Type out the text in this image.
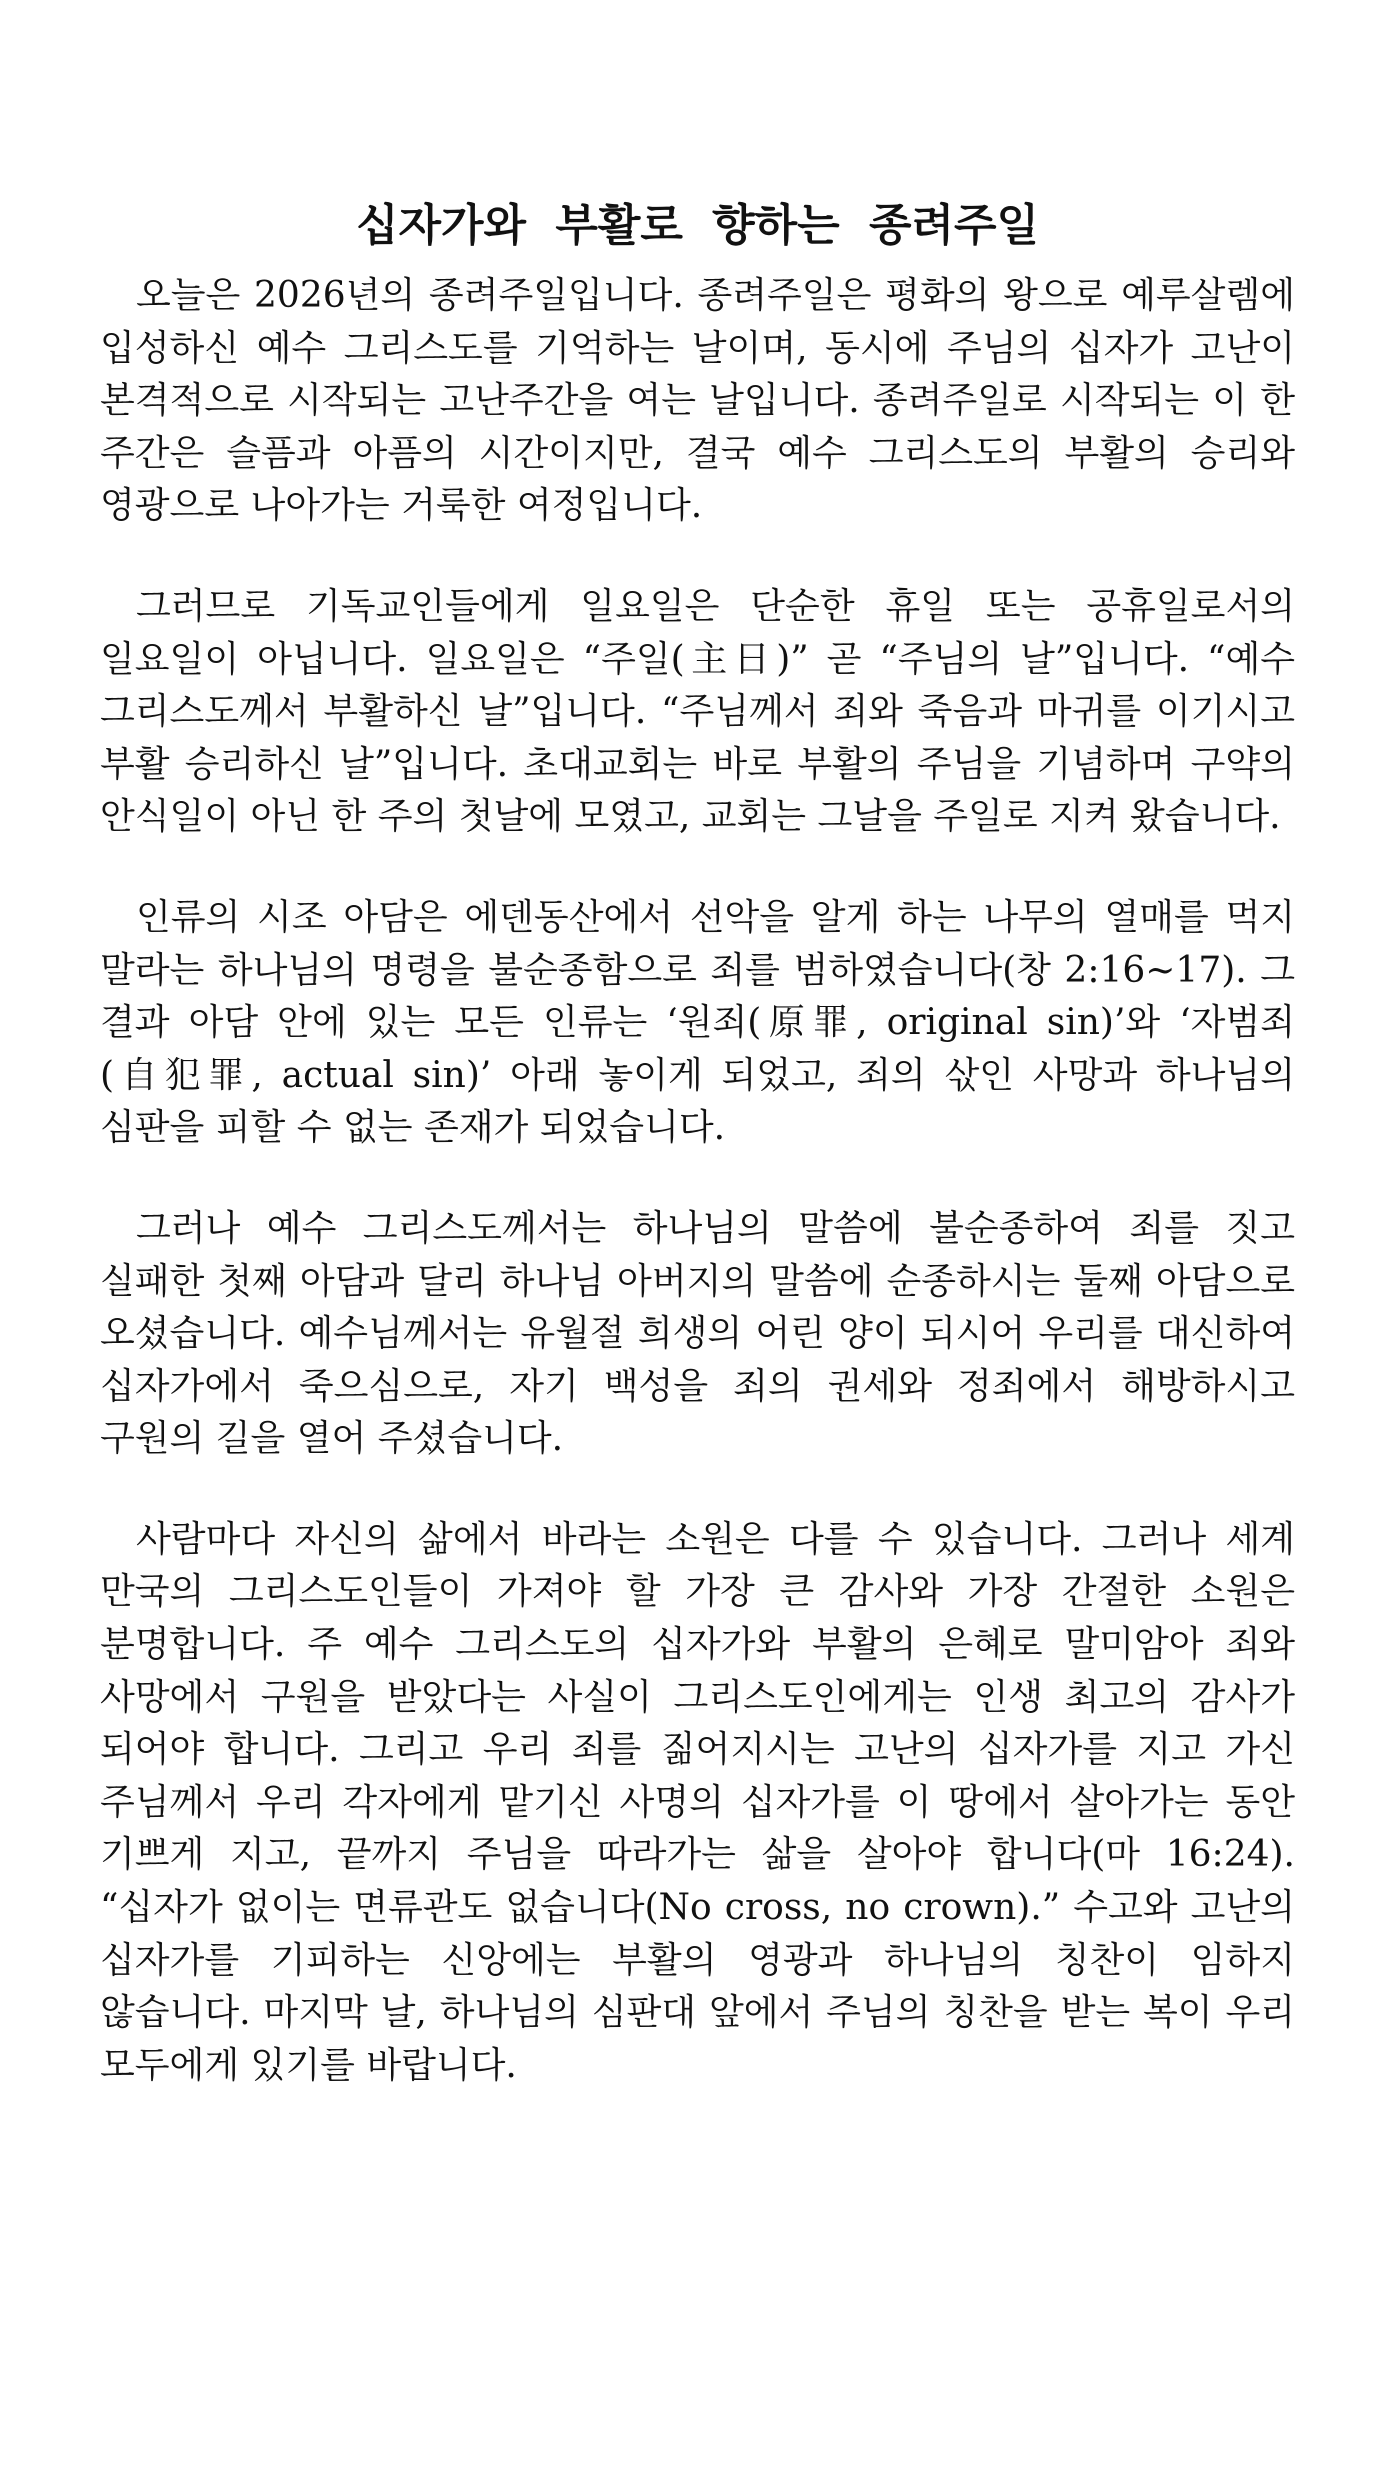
십자가와 부활로 향하는 종려주일

오늘은 2026년의 종려주일입니다. 종려주일은 평화의 왕으로 예루살렘에 입성하신 예수 그리스도를 기억하는 날이며, 동시에 주님의 십자가 고난이 본격적으로 시작되는 고난주간을 여는 날입니다. 종려주일로 시작되는 이 한 주간은 슬픔과 아픔의 시간이지만, 결국 예수 그리스도의 부활의 승리와 영광으로 나아가는 거룩한 여정입니다.

그러므로 기독교인들에게 일요일은 단순한 휴일 또는 공휴일로서의 일요일이 아닙니다. 일요일은 “주일(主日)” 곧 “주님의 날”입니다. “예수 그리스도께서 부활하신 날”입니다. “주님께서 죄와 죽음과 마귀를 이기시고 부활 승리하신 날”입니다. 초대교회는 바로 부활의 주님을 기념하며 구약의 안식일이 아닌 한 주의 첫날에 모였고, 교회는 그날을 주일로 지켜 왔습니다.

인류의 시조 아담은 에덴동산에서 선악을 알게 하는 나무의 열매를 먹지 말라는 하나님의 명령을 불순종함으로 죄를 범하였습니다(창 2:16~17). 그 결과 아담 안에 있는 모든 인류는 ‘원죄(原罪, original sin)’와 ‘자범죄(自犯罪, actual sin)’ 아래 놓이게 되었고, 죄의 삯인 사망과 하나님의 심판을 피할 수 없는 존재가 되었습니다.

그러나 예수 그리스도께서는 하나님의 말씀에 불순종하여 죄를 짓고 실패한 첫째 아담과 달리 하나님 아버지의 말씀에 순종하시는 둘째 아담으로 오셨습니다. 예수님께서는 유월절 희생의 어린 양이 되시어 우리를 대신하여 십자가에서 죽으심으로, 자기 백성을 죄의 권세와 정죄에서 해방하시고 구원의 길을 열어 주셨습니다.

사람마다 자신의 삶에서 바라는 소원은 다를 수 있습니다. 그러나 세계 만국의 그리스도인들이 가져야 할 가장 큰 감사와 가장 간절한 소원은 분명합니다. 주 예수 그리스도의 십자가와 부활의 은혜로 말미암아 죄와 사망에서 구원을 받았다는 사실이 그리스도인에게는 인생 최고의 감사가 되어야 합니다. 그리고 우리 죄를 짊어지시는 고난의 십자가를 지고 가신 주님께서 우리 각자에게 맡기신 사명의 십자가를 이 땅에서 살아가는 동안 기쁘게 지고, 끝까지 주님을 따라가는 삶을 살아야 합니다(마 16:24). “십자가 없이는 면류관도 없습니다(No cross, no crown).” 수고와 고난의 십자가를 기피하는 신앙에는 부활의 영광과 하나님의 칭찬이 임하지 않습니다. 마지막 날, 하나님의 심판대 앞에서 주님의 칭찬을 받는 복이 우리 모두에게 있기를 바랍니다.
